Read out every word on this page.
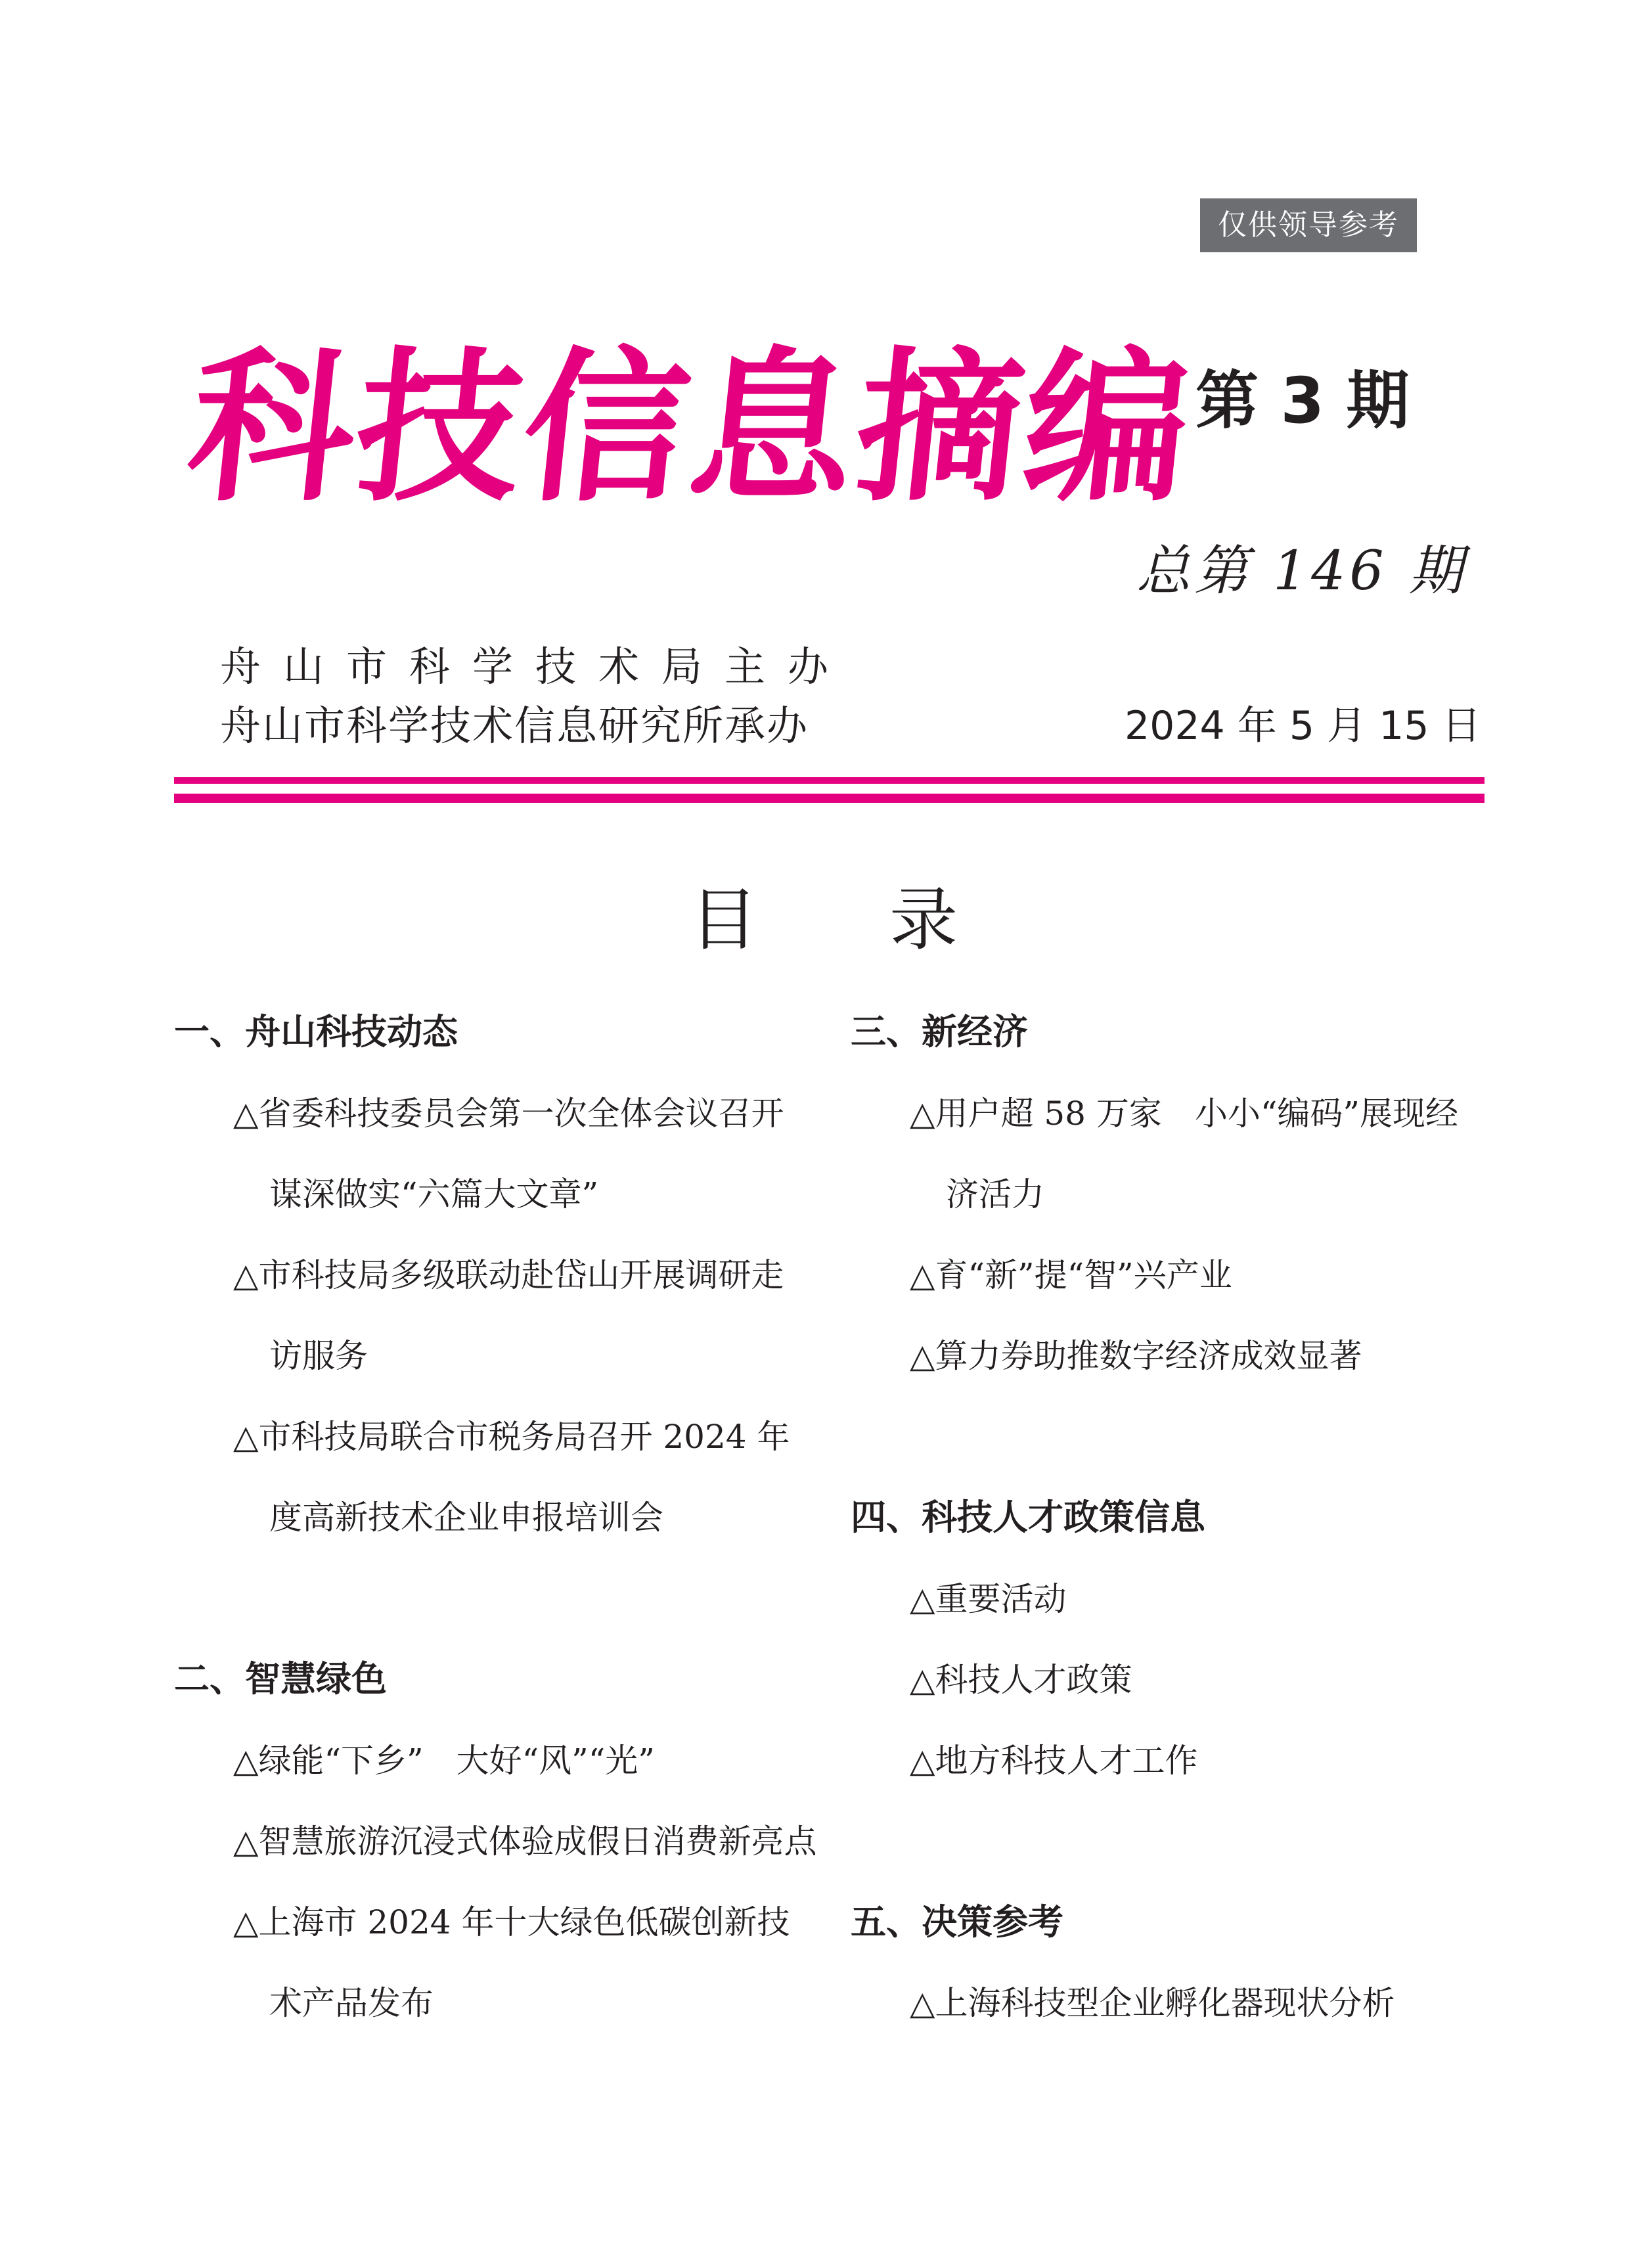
仅供领导参考
科技信息摘编
第 3 期
总第 146 期
舟山市科学技术局主办
舟山市科学技术信息研究所承办	2024 年 5 月 15 日
目 录
一、舟山科技动态
△省委科技委员会第一次全体会议召开
谋深做实“六篇大文章”
△市科技局多级联动赴岱山开展调研走
访服务
△市科技局联合市税务局召开 2024 年
度高新技术企业申报培训会
二、智慧绿色
△绿能“下乡”　大好“风”“光”
△智慧旅游沉浸式体验成假日消费新亮点
△上海市 2024 年十大绿色低碳创新技
术产品发布
三、新经济
△用户超 58 万家　小小“编码”展现经
济活力
△育“新”提“智”兴产业
△算力券助推数字经济成效显著
四、科技人才政策信息
△重要活动
△科技人才政策
△地方科技人才工作
五、决策参考
△上海科技型企业孵化器现状分析
